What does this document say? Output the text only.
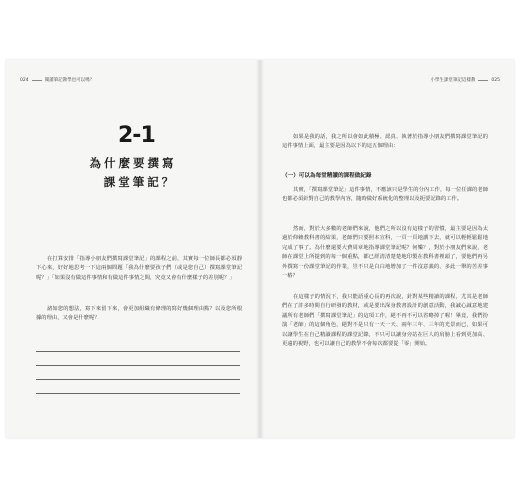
024	閱讀筆記教學也可以嗎？
2-1
為什麼要撰寫
課堂筆記？
在打算安排「指導小朋友們撰寫課堂筆記」的課程之前，其實每一位師長都必須靜下心來，好好地思考一下這兩個問題「我為什麼要孩子們（或是您自己）撰寫課堂筆記呢？」「如果沒有做這件事情和有做這件事情之間，究竟又會有什麼樣子的差別呢？」
諸如您的想法，寫下來留下來，會更加組織有條理的寫好幾個理由點？以及您所根據的理由，又會是什麼呢？
小學生課堂筆記這樣教	025
如果是我的話，我之所以會如此積極、認真、執著於指導小朋友們撰寫課堂筆記的這件事情上面，最主要是因為以下的這五個理由：
（一）可以為每堂精讀的課程做紀錄
其實，「撰寫課堂筆記」這件事情，不應該只是學生的分內工作，每一位任課的老師也都必須針對自己的教學內容，隨時做好系統化的整理以及扼要記錄的工作。
然而，對於大多數的老師們來說，他們之所以沒有這樣子的習慣，最主要是因為太過於仰賴教科書的結果，老師們只要照本宣科，一頁一頁地講下去，就可以輕輕鬆鬆地完成了事了。為什麼還要大費周章地指導課堂筆記呢？何樂？，對於小朋友們來說，老師在課堂上所提到的每一個重點，都已經清清楚楚地印製在教科書裡頭了，要他們再另外撰寫一份課堂筆記的作業，豈不只是白白地增加了一件沒意義的、多此一舉的苦差事一樁？
在這樣子的情況下，我只能語重心長的再次說，針對某些精讀的課程，尤其是老師們在了許多時間自行研發的教材，或是要出深身教書設計的創意活動，我誠心誠意地建議所有老師們「撰寫課堂筆記」的這項工作，絕不再不可以省略掉了喔！畢竟，我們扮演「老師」的這個角色，絕對不是只有一天一天、兩年三年、三年的光景而已，如果可以讓學生在自己精讀課程的課堂記錄，不只可以讓身旁站在巨人的肩膀上看到更加高、更遠的視野，也可以讓自己的教學不會每次都要從「零」開始。
